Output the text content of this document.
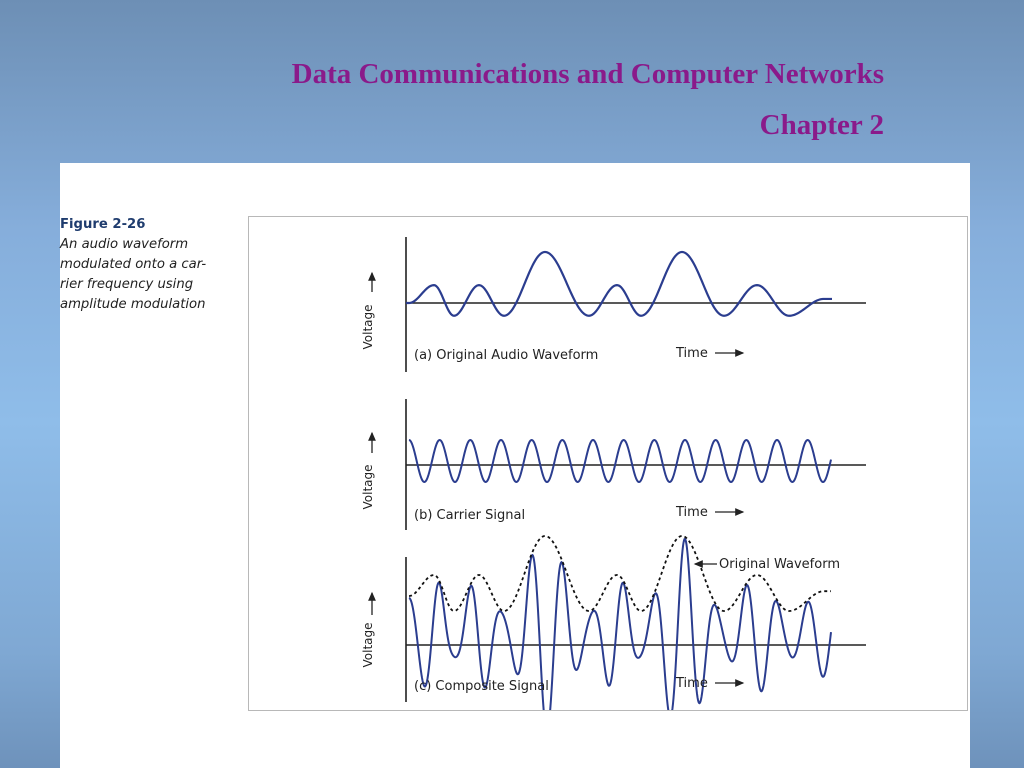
Data Communications and Computer Networks
Chapter 2
Figure 2-26
An audio waveform
modulated onto a car-
rier frequency using
amplitude modulation	Voltage
(a) Original Audio Waveform	Time
Voltage
(b) Carrier Signal	Time
Voltage
(c) Composite Signal	Time
Original Waveform
